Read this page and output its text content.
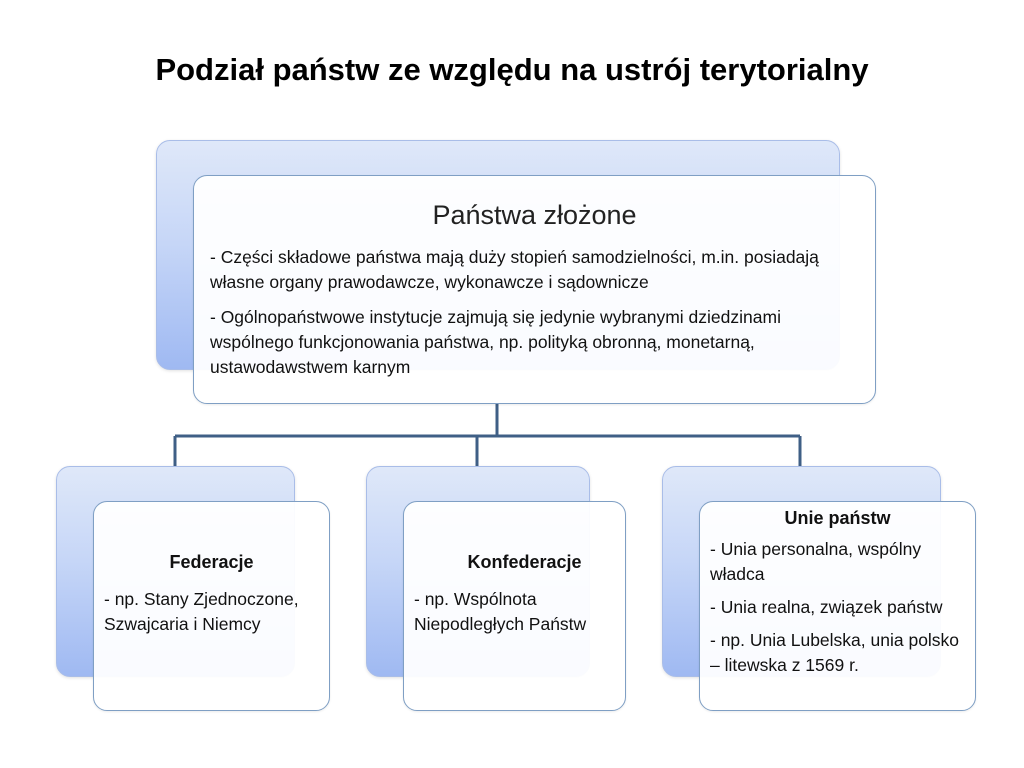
Podział państw ze względu na ustrój terytorialny
Państwa złożone

- Części składowe państwa mają duży stopień samodzielności, m.in. posiadają własne organy prawodawcze, wykonawcze i sądownicze

- Ogólnopaństwowe instytucje zajmują się jedynie wybranymi dziedzinami wspólnego funkcjonowania państwa, np. polityką obronną, monetarną, ustawodawstwem karnym

Federacje

- np. Stany Zjednoczone, Szwajcaria i Niemcy

Konfederacje

- np. Wspólnota Niepodległych Państw

Unie państw

- Unia personalna, wspólny władca

- Unia realna, związek państw

- np. Unia Lubelska, unia polsko – litewska z 1569 r.
